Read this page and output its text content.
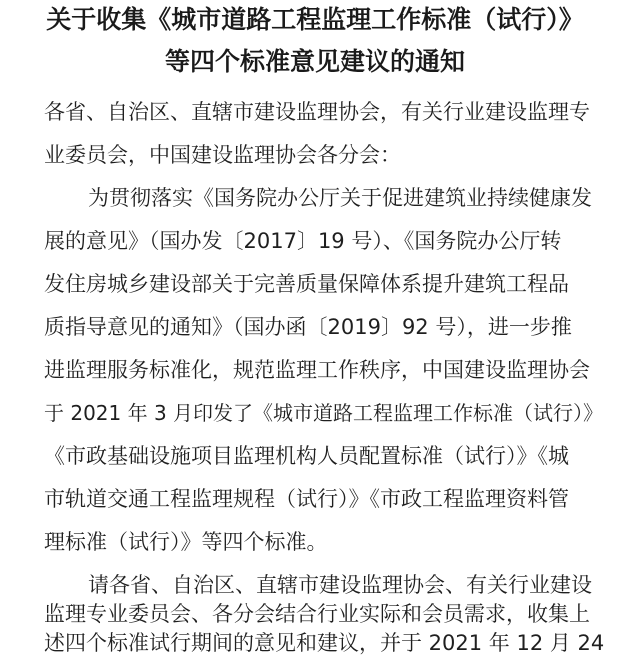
关于收集《城市道路工程监理工作标准（试行）》
等四个标准意见建议的通知
各省、自治区、直辖市建设监理协会，有关行业建设监理专
业委员会，中国建设监理协会各分会：
为贯彻落实《国务院办公厅关于促进建筑业持续健康发
展的意见》（国办发〔2017〕19 号）、《国务院办公厅转
发住房城乡建设部关于完善质量保障体系提升建筑工程品
质指导意见的通知》（国办函〔2019〕92 号），进一步推
进监理服务标准化，规范监理工作秩序，中国建设监理协会
于 2021 年 3 月印发了《城市道路工程监理工作标准（试行）》
《市政基础设施项目监理机构人员配置标准（试行）》《城
市轨道交通工程监理规程（试行）》《市政工程监理资料管
理标准（试行）》等四个标准。
请各省、自治区、直辖市建设监理协会、有关行业建设
监理专业委员会、各分会结合行业实际和会员需求，收集上
述四个标准试行期间的意见和建议，并于 2021 年 12 月 24
